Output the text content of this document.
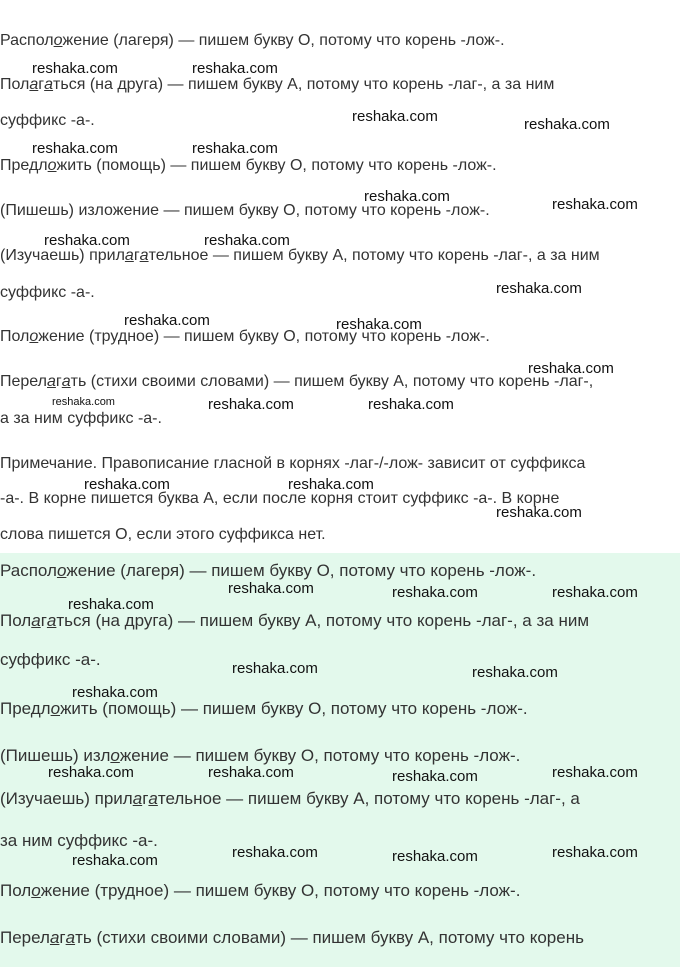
Расположение (лагеря) — пишем букву О, потому что корень -лож-.
Полагаться (на друга) — пишем букву А, потому что корень -лаг-, а за ним
суффикс -а-.
Предложить (помощь) — пишем букву О, потому что корень -лож-.
(Пишешь) изложение — пишем букву О, потому что корень -лож-.
(Изучаешь) прилагательное — пишем букву А, потому что корень -лаг-, а за ним
суффикс -а-.
Положение (трудное) — пишем букву О, потому что корень -лож-.
Перелагать (стихи своими словами) — пишем букву А, потому что корень -лаг-,
а за ним суффикс -а-.
Примечание. Правописание гласной в корнях -лаг-/-лож- зависит от суффикса
-а-. В корне пишется буква А, если после корня стоит суффикс -а-. В корне
слова пишется О, если этого суффикса нет.
Расположение (лагеря) — пишем букву О, потому что корень -лож-.
Полагаться (на друга) — пишем букву А, потому что корень -лаг-, а за ним
суффикс -а-.
Предложить (помощь) — пишем букву О, потому что корень -лож-.
(Пишешь) изложение — пишем букву О, потому что корень -лож-.
(Изучаешь) прилагательное — пишем букву А, потому что корень -лаг-, а
за ним суффикс -а-.
Положение (трудное) — пишем букву О, потому что корень -лож-.
Перелагать (стихи своими словами) — пишем букву А, потому что корень
reshaka.com	reshaka.com
reshaka.com	reshaka.com
reshaka.com	reshaka.com
reshaka.com	reshaka.com
reshaka.com	reshaka.com
reshaka.com
reshaka.com	reshaka.com
reshaka.com
reshaka.com	reshaka.com
reshaka.com	reshaka.com
reshaka.com
reshaka.com
reshaka.com
reshaka.com	reshaka.com
reshaka.com	reshaka.com
reshaka.com
reshaka.com	reshaka.com	reshaka.com	reshaka.com
reshaka.com	reshaka.com	reshaka.com
reshaka.com
reshaka.com
